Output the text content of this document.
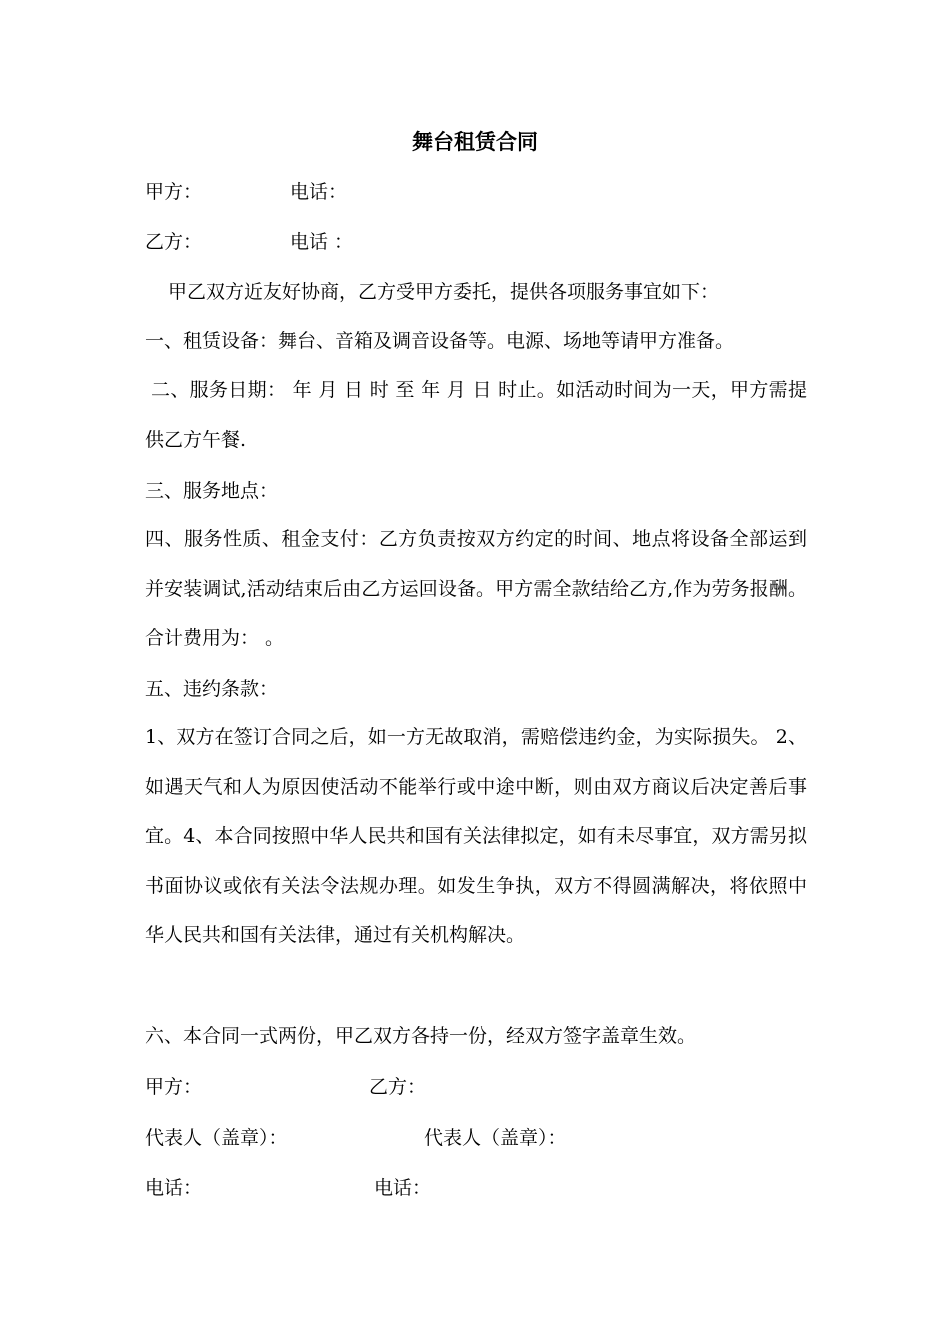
舞台租赁合同
甲方：	电话：
乙方：	电话 ：
甲乙双方近友好协商，乙方受甲方委托，提供各项服务事宜如下：
一、租赁设备：舞台、音箱及调音设备等。电源、场地等请甲方准备。
二、服务日期： 年 月 日 时 至 年 月 日 时止。如活动时间为一天，甲方需提供乙方午餐.
三、服务地点：
四、服务性质、租金支付：乙方负责按双方约定的时间、地点将设备全部运到并安装调试,活动结束后由乙方运回设备。甲方需全款结给乙方,作为劳务报酬。 合计费用为： 。
五、违约条款：
1、双方在签订合同之后，如一方无故取消，需赔偿违约金，为实际损失。 2、如遇天气和人为原因使活动不能举行或中途中断，则由双方商议后决定善后事宜。4、本合同按照中华人民共和国有关法律拟定，如有未尽事宜，双方需另拟书面协议或依有关法令法规办理。如发生争执，双方不得圆满解决，将依照中华人民共和国有关法律，通过有关机构解决。
六、本合同一式两份，甲乙双方各持一份，经双方签字盖章生效。
甲方：	乙方：
代表人（盖章）：	代表人（盖章）：
电话：	电话：
